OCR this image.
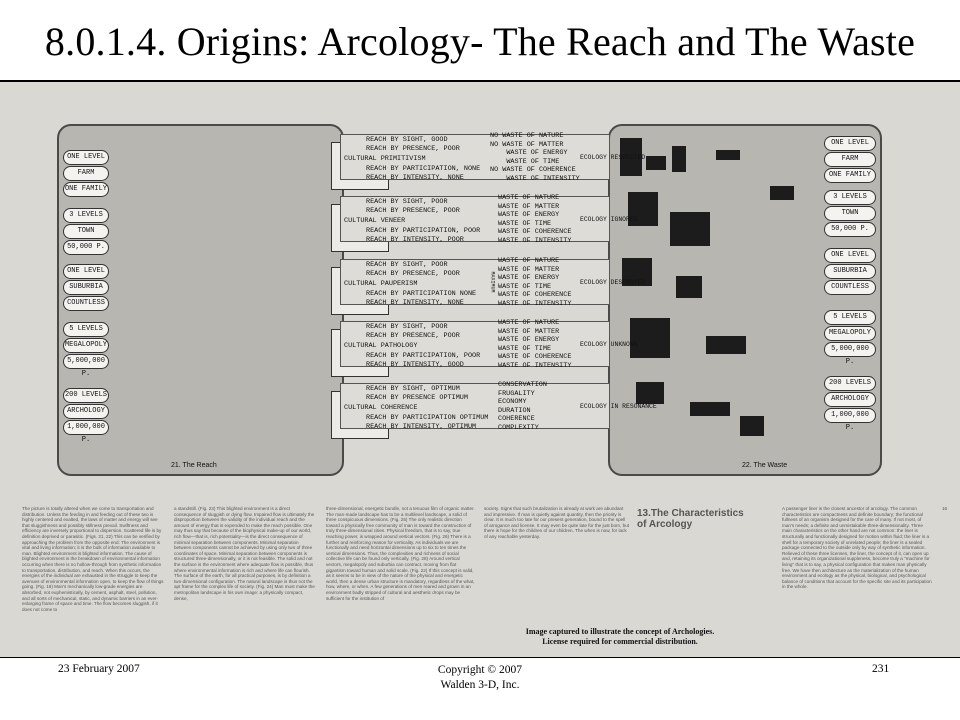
8.0.1.4. Origins: Arcology- The Reach and The Waste
ONE LEVEL
FARM
ONE FAMILY
3 LEVELS
TOWN
50,000 P.
ONE LEVEL
SUBURBIA
COUNTLESS
5 LEVELS
MEGALOPOLY
5,000,000 P.
200 LEVELS
ARCHOLOGY
1,000,000 P.
21. The Reach
ONE LEVEL
FARM
ONE FAMILY
3 LEVELS
TOWN
50,000 P.
ONE LEVEL
SUBURBIA
COUNTLESS
5 LEVELS
MEGALOPOLY
5,000,000 P.
200 LEVELS
ARCHOLOGY
1,000,000 P.
22. The Waste
REACH BY SIGHT, GOOD
REACH BY PRESENCE, POOR
CULTURAL PRIMITIVISM
REACH BY PARTICIPATION, NONE
REACH BY INTENSITY, NONE
NO WASTE OF NATURE
NO WASTE OF MATTER
WASTE OF ENERGY
WASTE OF TIME
NO WASTE OF COHERENCE
WASTE OF INTENSITY
ECOLOGY RESPECTED
REACH BY SIGHT, POOR
REACH BY PRESENCE, POOR
CULTURAL VENEER
REACH BY PARTICIPATION, POOR
REACH BY INTENSITY, POOR
WASTE OF NATURE
WASTE OF MATTER
WASTE OF ENERGY
WASTE OF TIME
WASTE OF COHERENCE
WASTE OF INTENSITY
ECOLOGY IGNORED
REACH BY SIGHT, POOR
REACH BY PRESENCE, POOR
CULTURAL PAUPERISM
REACH BY PARTICIPATION NONE
REACH BY INTENSITY, NONE
WASTE OF NATURE
WASTE OF MATTER
WASTE OF ENERGY
WASTE OF TIME
WASTE OF COHERENCE
WASTE OF INTENSITY
MAXIMUM	ECOLOGY DESTROYED
REACH BY SIGHT, POOR
REACH BY PRESENCE, POOR
CULTURAL PATHOLOGY
REACH BY PARTICIPATION, POOR
REACH BY INTENSITY, GOOD
WASTE OF NATURE
WASTE OF MATTER
WASTE OF ENERGY
WASTE OF TIME
WASTE OF COHERENCE
WASTE OF INTENSITY
ECOLOGY UNKNOWN
REACH BY SIGHT, OPTIMUM
REACH BY PRESENCE OPTIMUM
CULTURAL COHERENCE
REACH BY PARTICIPATION OPTIMUM
REACH BY INTENSITY, OPTIMUM
CONSERVATION
FRUGALITY
ECONOMY
DURATION
COHERENCE
COMPLEXITY
ECOLOGY IN RESONANCE
The picture is totally altered when we come to transportation and distribution. Unless the feeding in and feeding out of these two is highly centered and exalted, the laws of matter and energy will see that sluggishness and possibly stillness prevail. Swiftness and efficiency are inversely proportional to dispersion. Scattered life is by definition deprived or parasitic. (Figs. 21, 22) This can be verified by approaching the problem from the opposite end: The environment is vital and living information; it is the bulk of information available to man. Blighted environment is blighted information. The cause of blighted environment is the breakdown of environmental information occurring when there is no hollow-through from synthetic information to transportation, distribution, and reach. When this occurs, the energies of the individual are exhausted in the struggle to keep the avenues of environmental information open, to keep the flow of things going. (Fig. 19) Man's mechanically low-grade energies are absorbed, not euphemistically, by cement, asphalt, steel, pollution, and all sorts of mechanical, static, and dynamic barriers in an ever-enlarging frame of space and time. The flow becomes sluggish, if it does not come to
a standstill. (Fig. 23) This blighted environment is a direct consequence of sluggish or dying flow. Impaired flow is ultimately the disproportion between the validity of the individual reach and the amount of energy that is expended to make the reach possible. One may thus say that because of the biophysical make-up of our world, rich flow—that is, rich potentiality—is the direct consequence of minimal separation between components. Minimal separation between components cannot be achieved by using only two of three coordinates of space. Minimal separation between components is structured three-dimensionally, or it is not feasible. The solid and not the surface is the environment where adequate flow is possible, thus where environmental information is rich and where life can flourish. The surface of the earth, for all practical purposes, is by definition a two-dimensional configuration. The natural landscape is thus not the apt frame for the complex life of society. (Fig. 24) Man must make the metropolitan landscape in his own image: a physically compact, dense,
three-dimensional, energetic bundle, not a tenuous film of organic matter. The man-made landscape has to be a multilevel landscape, a solid of three conspicuous dimensions. (Fig. 25) The only realistic direction toward a physically free community of man is toward the construction of truly three-dimensional cities. Physical freedom, that is to say, true reaching power, is wrapped around vertical vectors. (Fig. 26) There is a further and reinforcing reason for verticality. As individuals we are functionally and need horizontal dimensions up to six to ten times the vertical dimensions. Thus, the complexities and richness of social collective life can be found only vertically. (Fig. 28) Around vertical vectors, megalopoly and suburbia can contract, moving from flat gigantism toward human and solid scale. (Fig. 22) If this concept is valid, as it seems to be in view of the nature of the physical and energetic world, then a dense urban structure is mandatory, regardless of the what, how, where, or when. A few generations of men reared and grown in an environment badly stripped of cultural and aesthetic drops may be sufficient for the institution of
society. Signs that such brutalization is already at work are abundant and impressive. If man is quietly against quantity, then the priority is clear. It is much too late for our present generation, bound to the spell of arrogance and license. It may even be quite late for the just born, but there is hope for the children of our children. The when is now, for lack of any reachable yesterday.
13.The Characteristics
of Arcology
A passenger liner is the closest ancestor of arcology. The common characteristics are compactness and definite boundary; the functional fullness of an organism designed for the care of many. If not most, of man's needs; a definite and unmistakable three-dimensionality. Three main characteristics on the other hand are not common: the liner is structurally and functionally designed for motion within fluid; the liner is a shell for a temporary society of unrelated people; the liner is a sealed package connected to the outside only by way of synthetic information. Relieved of these three licenses, the liner, the concept of it, can open up and, retaining its organizational suppleness, become truly a "machine for living" that is to say, a physical configuration that makes man physically free. We have then architecture as the materialization of the human environment and ecology as the physical, biological, and psychological balance of conditions that account for the specific site and its participation in the whole.
16
Image captured to illustrate the concept of Archologies.
License required for commercial distribution.
23 February 2007	Copyright © 2007
Walden 3-D, Inc.
231
